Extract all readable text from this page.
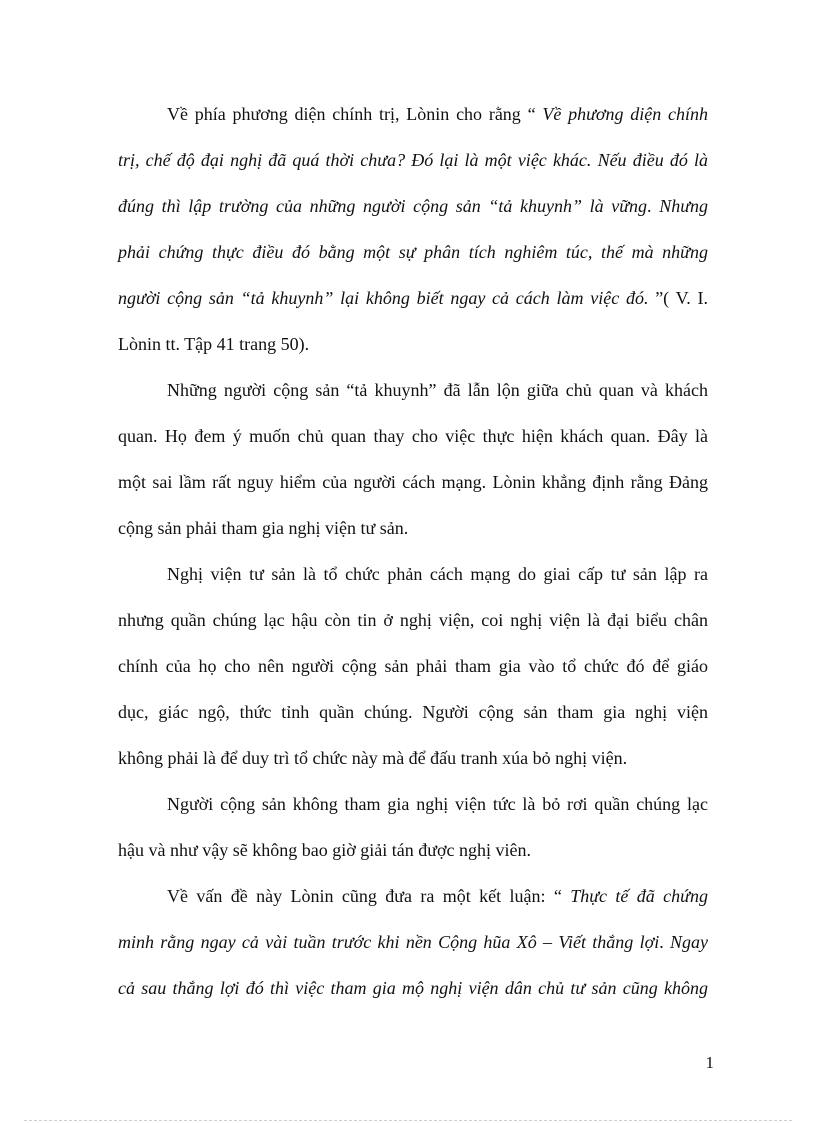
Về phía phương diện chính trị, Lònin cho rằng “ Về phương diện chính
trị, chế độ đại nghị đã quá thời chưa? Đó lại là một việc khác. Nếu điều đó là
đúng thì lập trường của những người cộng sản “tả khuynh” là vững. Nhưng
phải chứng thực điều đó bằng một sự phân tích nghiêm túc, thế mà những
người cộng sản “tả khuynh” lại không biết ngay cả cách làm việc đó. ”( V. I.
Lònin tt. Tập 41 trang 50).
Những người cộng sản “tả khuynh” đã lẫn lộn giữa chủ quan và khách
quan. Họ đem ý muốn chủ quan thay cho việc thực hiện khách quan. Đây là
một sai lầm rất nguy hiểm của người cách mạng. Lònin khẳng định rằng Đảng
cộng sản phải tham gia nghị viện tư sản.
Nghị viện tư sản là tổ chức phản cách mạng do giai cấp tư sản lập ra
nhưng quần chúng lạc hậu còn tin ở nghị viện, coi nghị viện là đại biểu chân
chính của họ cho nên người cộng sản phải tham gia vào tổ chức đó để giáo
dục, giác ngộ, thức tỉnh quần chúng. Người cộng sản tham gia nghị viện
không phải là để duy trì tổ chức này mà để đấu tranh xúa bỏ nghị viện.
Người cộng sản không tham gia nghị viện tức là bỏ rơi quần chúng lạc
hậu và như vậy sẽ không bao giờ giải tán được nghị viên.
Về vấn đề này Lònin cũng đưa ra một kết luận: “ Thực tế đã chứng
minh rằng ngay cả vài tuần trước khi nền Cộng hũa Xô – Viết thắng lợi. Ngay
cả sau thắng lợi đó thì việc tham gia mộ nghị viện dân chủ tư sản cũng không
1
